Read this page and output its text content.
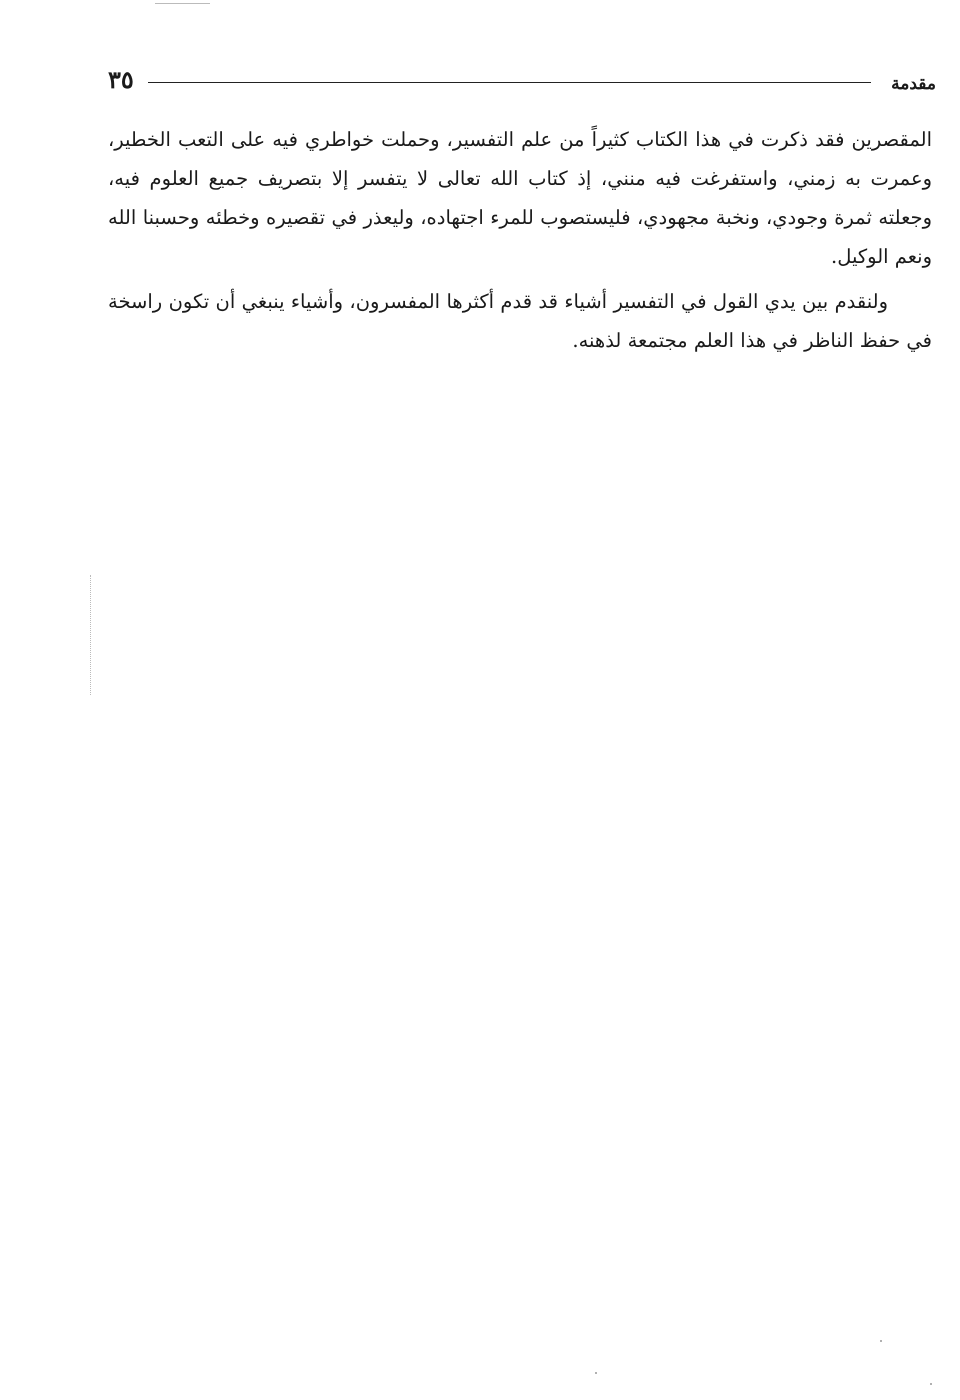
٣٥	مقدمة

المقصرين فقد ذكرت في هذا الكتاب كثيراً من علم التفسير، وحملت خواطري فيه على التعب الخطير، وعمرت به زمني، واستفرغت فيه منني، إذ كتاب الله تعالى لا يتفسر إلا بتصريف جميع العلوم فيه، وجعلته ثمرة وجودي، ونخبة مجهودي، فليستصوب للمرء اجتهاده، وليعذر في تقصيره وخطئه وحسبنا الله ونعم الوكيل.

ولنقدم بين يدي القول في التفسير أشياء قد قدم أكثرها المفسرون، وأشياء ينبغي أن تكون راسخة في حفظ الناظر في هذا العلم مجتمعة لذهنه.
